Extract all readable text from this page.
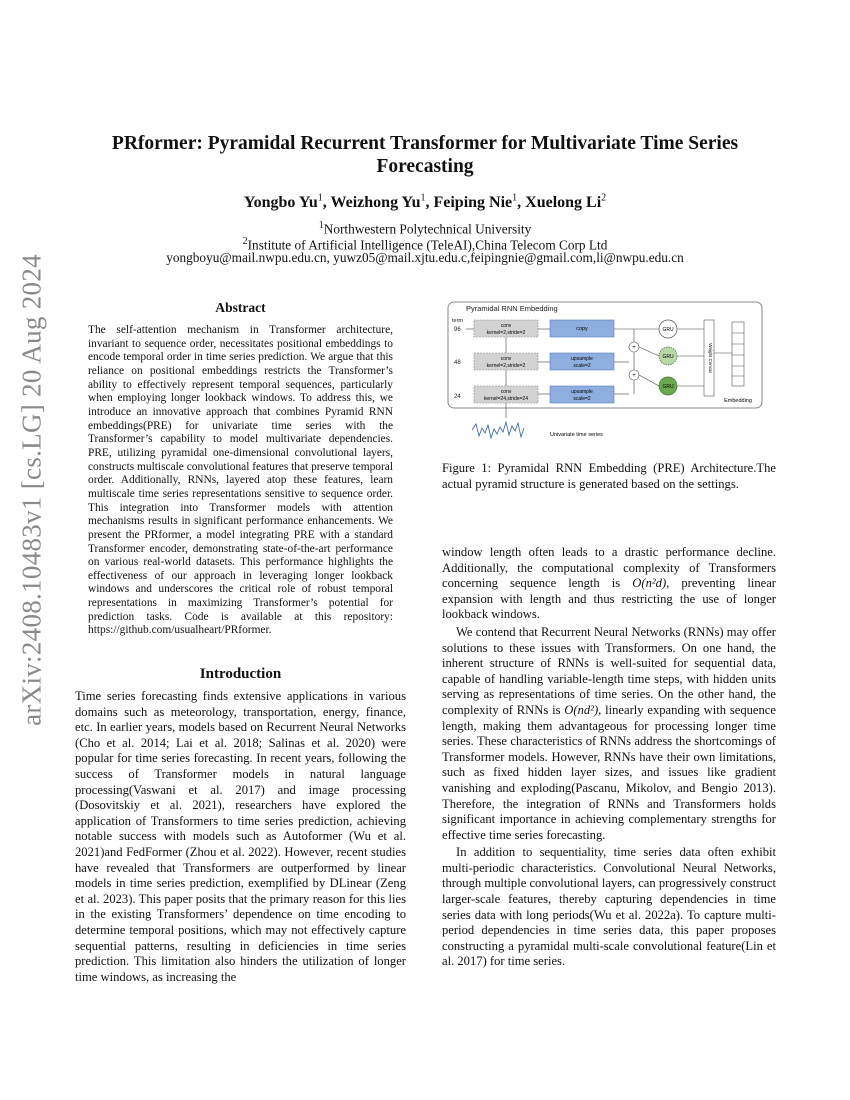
arXiv:2408.10483v1 [cs.LG] 20 Aug 2024
PRformer: Pyramidal Recurrent Transformer for Multivariate Time Series Forecasting
Yongbo Yu$^1$, Weizhong Yu$^1$, Feiping Nie$^1$, Xuelong Li$^2$
$^1$Northwestern Polytechnical University
$^2$Institute of Artificial Intelligence (TeleAI),China Telecom Corp Ltd
yongboyu@mail.nwpu.edu.cn, yuwz05@mail.xjtu.edu.c,feipingnie@gmail.com,li@nwpu.edu.cn
Abstract
The self-attention mechanism in Transformer architecture, invariant to sequence order, necessitates positional embeddings to encode temporal order in time series prediction. We argue that this reliance on positional embeddings restricts the Transformer’s ability to effectively represent temporal sequences, particularly when employing longer lookback windows. To address this, we introduce an innovative approach that combines Pyramid RNN embeddings(PRE) for univariate time series with the Transformer’s capability to model multivariate dependencies. PRE, utilizing pyramidal one-dimensional convolutional layers, constructs multiscale convolutional features that preserve temporal order. Additionally, RNNs, layered atop these features, learn multiscale time series representations sensitive to sequence order. This integration into Transformer models with attention mechanisms results in significant performance enhancements. We present the PRformer, a model integrating PRE with a standard Transformer encoder, demonstrating state-of-the-art performance on various real-world datasets. This performance highlights the effectiveness of our approach in leveraging longer lookback windows and underscores the critical role of robust temporal representations in maximizing Transformer’s potential for prediction tasks. Code is available at this repository: https://github.com/usualheart/PRformer.
Introduction
Time series forecasting finds extensive applications in various domains such as meteorology, transportation, energy, finance, etc. In earlier years, models based on Recurrent Neural Networks (Cho et al. 2014; Lai et al. 2018; Salinas et al. 2020) were popular for time series forecasting. In recent years, following the success of Transformer models in natural language processing(Vaswani et al. 2017) and image processing (Dosovitskiy et al. 2021), researchers have explored the application of Transformers to time series prediction, achieving notable success with models such as Autoformer (Wu et al. 2021)and FedFormer (Zhou et al. 2022). However, recent studies have revealed that Transformers are outperformed by linear models in time series prediction, exemplified by DLinear (Zeng et al. 2023). This paper posits that the primary reason for this lies in the existing Transformers’ dependence on time encoding to determine temporal positions, which may not effectively capture sequential patterns, resulting in deficiencies in time series prediction. This limitation also hinders the utilization of longer time windows, as increasing the
Pyramidal RNN Embedding
term
96
conv
kernel=2,stride=2
copy	GRU
48
conv
kernel=2,stride=2
upsample
scale=2
+
GRU
24
conv
kernel=24,stride=24
upsample
scale=2
+
GRU
Weight Concat
Embedding
Univariate time series
Figure 1: Pyramidal RNN Embedding (PRE) Architecture.The actual pyramid structure is generated based on the settings.

window length often leads to a drastic performance decline. Additionally, the computational complexity of Transformers concerning sequence length is O(n²d), preventing linear expansion with length and thus restricting the use of longer lookback windows.

We contend that Recurrent Neural Networks (RNNs) may offer solutions to these issues with Transformers. On one hand, the inherent structure of RNNs is well-suited for sequential data, capable of handling variable-length time steps, with hidden units serving as representations of time series. On the other hand, the complexity of RNNs is O(nd²), linearly expanding with sequence length, making them advantageous for processing longer time series. These characteristics of RNNs address the shortcomings of Transformer models. However, RNNs have their own limitations, such as fixed hidden layer sizes, and issues like gradient vanishing and exploding(Pascanu, Mikolov, and Bengio 2013). Therefore, the integration of RNNs and Transformers holds significant importance in achieving complementary strengths for effective time series forecasting.

In addition to sequentiality, time series data often exhibit multi-periodic characteristics. Convolutional Neural Networks, through multiple convolutional layers, can progressively construct larger-scale features, thereby capturing dependencies in time series data with long periods(Wu et al. 2022a). To capture multi-period dependencies in time series data, this paper proposes constructing a pyramidal multi-scale convolutional feature(Lin et al. 2017) for time series.
